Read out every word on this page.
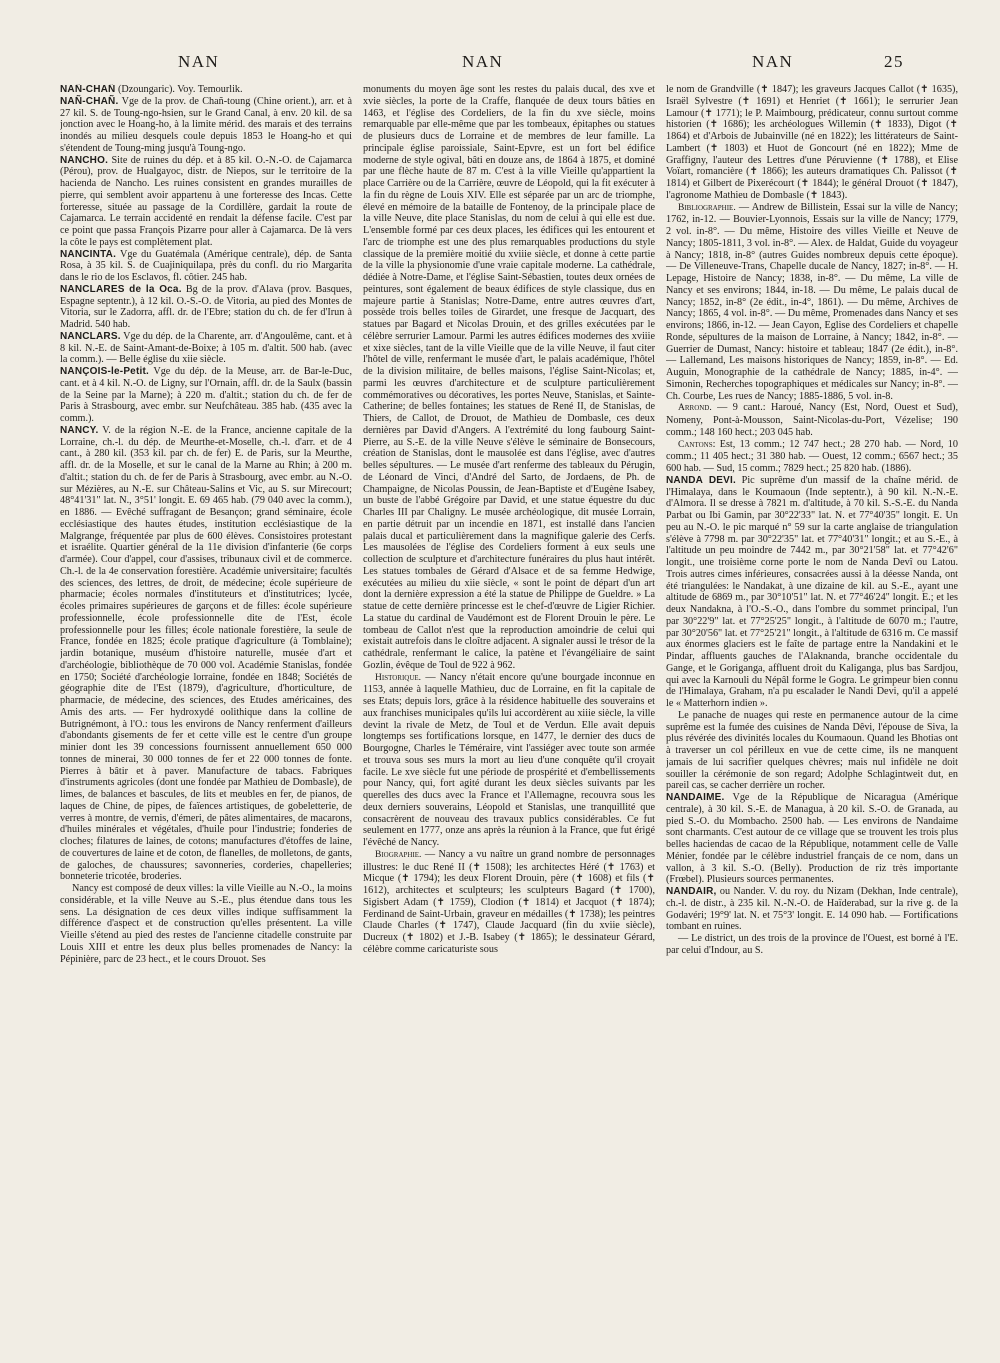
NAN	NAN	NAN	25

NAÑ-CHAÑ (Dzoungaric). Voy. Temourlik.

NAÑ-CHAÑ. Vge de la prov. de Chañ-toung (Chine orient.), arr. et à 27 kil. S. de Toung-ngo-hsien, sur le Grand Canal, à env. 20 kil. de sa jonction avec le Hoang-ho, à la limite mérid. des marais et des terrains inondés au milieu desquels coule depuis 1853 le Hoang-ho et qui s'étendent de Toung-ming jusqu'à Toung-ngo.

NANCHO. Site de ruines du dép. et à 85 kil. O.-N.-O. de Cajamarca (Pérou), prov. de Hualgayoc, distr. de Niepos, sur le territoire de la hacienda de Nancho. Les ruines consistent en grandes murailles de pierre, qui semblent avoir appartenu à une forteresse des Incas. Cette forteresse, située au passage de la Cordillère, gardait la route de Cajamarca. Le terrain accidenté en rendait la défense facile. C'est par ce point que passa François Pizarre pour aller à Cajamarca. De là vers la côte le pays est complètement plat.

NANCINTA. Vge du Guatémala (Amérique centrale), dép. de Santa Rosa, à 35 kil. S. de Cuajiniquilapa, près du confl. du rio Margarita dans le rio de los Esclavos, fl. côtier. 245 hab.

NANCLARES de la Oca. Bg de la prov. d'Alava (prov. Basques, Espagne septentr.), à 12 kil. O.-S.-O. de Vitoria, au pied des Montes de Vitoria, sur le Zadorra, affl. dr. de l'Ebre; station du ch. de fer d'Irun à Madrid. 540 hab.

NANCLARS. Vge du dép. de la Charente, arr. d'Angoulême, cant. et à 8 kil. N.-E. de Saint-Amant-de-Boixe; à 105 m. d'altit. 500 hab. (avec la comm.). — Belle église du xiie siècle.

NANÇOIS-le-Petit. Vge du dép. de la Meuse, arr. de Bar-le-Duc, cant. et à 4 kil. N.-O. de Ligny, sur l'Ornain, affl. dr. de la Saulx (bassin de la Seine par la Marne); à 220 m. d'altit.; station du ch. de fer de Paris à Strasbourg, avec embr. sur Neufchâteau. 385 hab. (435 avec la comm.).

NANCY. V. de la région N.-E. de la France, ancienne capitale de la Lorraine, ch.-l. du dép. de Meurthe-et-Moselle, ch.-l. d'arr. et de 4 cant., à 280 kil. (353 kil. par ch. de fer) E. de Paris, sur la Meurthe, affl. dr. de la Moselle, et sur le canal de la Marne au Rhin; à 200 m. d'altit.; station du ch. de fer de Paris à Strasbourg, avec embr. au N.-O. sur Mézières, au N.-E. sur Château-Salins et Vic, au S. sur Mirecourt; 48°41'31" lat. N., 3°51' longit. E. 69 465 hab. (79 040 avec la comm.), en 1886. — Evêché suffragant de Besançon; grand séminaire, école ecclésiastique des hautes études, institution ecclésiastique de la Malgrange, fréquentée par plus de 600 élèves. Consistoires protestant et israélite. Quartier général de la 11e division d'infanterie (6e corps d'armée). Cour d'appel, cour d'assises, tribunaux civil et de commerce. Ch.-l. de la 4e conservation forestière. Académie universitaire; facultés des sciences, des lettres, de droit, de médecine; école supérieure de pharmacie; écoles normales d'instituteurs et d'institutrices; lycée, écoles primaires supérieures de garçons et de filles: école supérieure professionnelle, école professionnelle dite de l'Est, école professionnelle pour les filles; école nationale forestière, la seule de France, fondée en 1825; école pratique d'agriculture (à Tomblaine); jardin botanique, muséum d'histoire naturelle, musée d'art et d'archéologie, bibliothèque de 70 000 vol. Académie Stanislas, fondée en 1750; Société d'archéologie lorraine, fondée en 1848; Sociétés de géographie dite de l'Est (1879), d'agriculture, d'horticulture, de pharmacie, de médecine, des sciences, des Etudes américaines, des Amis des arts. — Fer hydroxydé oolithique dans la colline de Butrignémont, à l'O.: tous les environs de Nancy renferment d'ailleurs d'abondants gisements de fer et cette ville est le centre d'un groupe minier dont les 39 concessions fournissent annuellement 650 000 tonnes de minerai, 30 000 tonnes de fer et 22 000 tonnes de fonte. Pierres à bâtir et à paver. Manufacture de tabacs. Fabriques d'instruments agricoles (dont une fondée par Mathieu de Dombasle), de limes, de balances et bascules, de lits et meubles en fer, de pianos, de laques de Chine, de pipes, de faïences artistiques, de gobeletterie, de verres à montre, de vernis, d'émeri, de pâtes alimentaires, de macarons, d'huiles minérales et végétales, d'huile pour l'industrie; fonderies de cloches; filatures de laines, de cotons; manufactures d'étoffes de laine, de couvertures de laine et de coton, de flanelles, de molletons, de gants, de galoches, de chaussures; savonneries, corderies, chapelleries; bonneterie tricotée, broderies.

Nancy est composé de deux villes: la ville Vieille au N.-O., la moins considérable, et la ville Neuve au S.-E., plus étendue dans tous les sens. La désignation de ces deux villes indique suffisamment la différence d'aspect et de construction qu'elles présentent. La ville Vieille s'étend au pied des restes de l'ancienne citadelle construite par Louis XIII et entre les deux plus belles promenades de Nancy: la Pépinière, parc de 23 hect., et le cours Drouot. Ses

monuments du moyen âge sont les restes du palais ducal, des xve et xvie siècles, la porte de la Craffe, flanquée de deux tours bâties en 1463, et l'église des Cordeliers, de la fin du xve siècle, moins remarquable par elle-même que par les tombeaux, épitaphes ou statues de plusieurs ducs de Lorraine et de membres de leur famille. La principale église paroissiale, Saint-Epvre, est un fort bel édifice moderne de style ogival, bâti en douze ans, de 1864 à 1875, et dominé par une flèche haute de 87 m. C'est à la ville Vieille qu'appartient la place Carrière ou de la Carrière, œuvre de Léopold, qui la fit exécuter à la fin du règne de Louis XIV. Elle est séparée par un arc de triomphe, élevé en mémoire de la bataille de Fontenoy, de la principale place de la ville Neuve, dite place Stanislas, du nom de celui à qui elle est due. L'ensemble formé par ces deux places, les édifices qui les entourent et l'arc de triomphe est une des plus remarquables productions du style classique de la première moitié du xviiie siècle, et donne à cette partie de la ville la physionomie d'une vraie capitale moderne. La cathédrale, dédiée à Notre-Dame, et l'église Saint-Sébastien, toutes deux ornées de peintures, sont également de beaux édifices de style classique, dus en majeure partie à Stanislas; Notre-Dame, entre autres œuvres d'art, possède trois belles toiles de Girardet, une fresque de Jacquart, des statues par Bagard et Nicolas Drouin, et des grilles exécutées par le célèbre serrurier Lamour. Parmi les autres édifices modernes des xviiie et xixe siècles, tant de la ville Vieille que de la ville Neuve, il faut citer l'hôtel de ville, renfermant le musée d'art, le palais académique, l'hôtel de la division militaire, de belles maisons, l'église Saint-Nicolas; et, parmi les œuvres d'architecture et de sculpture particulièrement commémoratives ou décoratives, les portes Neuve, Stanislas, et Sainte-Catherine; de belles fontaines; les statues de René II, de Stanislas, de Thiers, de Callot, de Drouot, de Mathieu de Dombasle, ces deux dernières par David d'Angers. A l'extrémité du long faubourg Saint-Pierre, au S.-E. de la ville Neuve s'élève le séminaire de Bonsecours, création de Stanislas, dont le mausolée est dans l'église, avec d'autres belles sépultures. — Le musée d'art renferme des tableaux du Pérugin, de Léonard de Vinci, d'André del Sarto, de Jordaens, de Ph. de Champaigne, de Nicolas Poussin, de Jean-Baptiste et d'Eugène Isabey, un buste de l'abbé Grégoire par David, et une statue équestre du duc Charles III par Chaligny. Le musée archéologique, dit musée Lorrain, en partie détruit par un incendie en 1871, est installé dans l'ancien palais ducal et particulièrement dans la magnifique galerie des Cerfs. Les mausolées de l'église des Cordeliers forment à eux seuls une collection de sculpture et d'architecture funéraires du plus haut intérêt. Les statues tombales de Gérard d'Alsace et de sa femme Hedwige, exécutées au milieu du xiie siècle, « sont le point de départ d'un art dont la dernière expression a été la statue de Philippe de Gueldre. » La statue de cette dernière princesse est le chef-d'œuvre de Ligier Richier. La statue du cardinal de Vaudémont est de Florent Drouin le père. Le tombeau de Callot n'est que la reproduction amoindrie de celui qui existait autrefois dans le cloître adjacent. A signaler aussi le trésor de la cathédrale, renfermant le calice, la patène et l'évangéliaire de saint Gozlin, évêque de Toul de 922 à 962.

Historique. — Nancy n'était encore qu'une bourgade inconnue en 1153, année à laquelle Mathieu, duc de Lorraine, en fit la capitale de ses Etats; depuis lors, grâce à la résidence habituelle des souverains et aux franchises municipales qu'ils lui accordèrent au xiiie siècle, la ville devint la rivale de Metz, de Toul et de Verdun. Elle avait depuis longtemps ses fortifications lorsque, en 1477, le dernier des ducs de Bourgogne, Charles le Téméraire, vint l'assiéger avec toute son armée et trouva sous ses murs la mort au lieu d'une conquête qu'il croyait facile. Le xve siècle fut une période de prospérité et d'embellissements pour Nancy, qui, fort agité durant les deux siècles suivants par les querelles des ducs avec la France et l'Allemagne, recouvra sous les deux derniers souverains, Léopold et Stanislas, une tranquillité que consacrèrent de nouveau des travaux publics considérables. Ce fut seulement en 1777, onze ans après la réunion à la France, que fut érigé l'évêché de Nancy.

Biographie. — Nancy a vu naître un grand nombre de personnages illustres: le duc René II (✝ 1508); les architectes Héré (✝ 1763) et Micque (✝ 1794); les deux Florent Drouin, père (✝ 1608) et fils (✝ 1612), architectes et sculpteurs; les sculpteurs Bagard (✝ 1700), Sigisbert Adam (✝ 1759), Clodion (✝ 1814) et Jacquot (✝ 1874); Ferdinand de Saint-Urbain, graveur en médailles (✝ 1738); les peintres Claude Charles (✝ 1747), Claude Jacquard (fin du xviie siècle), Ducreux (✝ 1802) et J.-B. Isabey (✝ 1865); le dessinateur Gérard, célèbre comme caricaturiste sous

le nom de Grandville (✝ 1847); les graveurs Jacques Callot (✝ 1635), Israël Sylvestre (✝ 1691) et Henriet (✝ 1661); le serrurier Jean Lamour (✝ 1771); le P. Maimbourg, prédicateur, connu surtout comme historien (✝ 1686); les archéologues Willemin (✝ 1833), Digot (✝ 1864) et d'Arbois de Jubainville (né en 1822); les littérateurs de Saint-Lambert (✝ 1803) et Huot de Goncourt (né en 1822); Mme de Graffigny, l'auteur des Lettres d'une Péruvienne (✝ 1788), et Elise Voïart, romancière (✝ 1866); les auteurs dramatiques Ch. Palissot (✝ 1814) et Gilbert de Pixerécourt (✝ 1844); le général Drouot (✝ 1847), l'agronome Mathieu de Dombasle (✝ 1843).

Bibliographie. — Andrew de Billistein, Essai sur la ville de Nancy; 1762, in-12. — Bouvier-Lyonnois, Essais sur la ville de Nancy; 1779, 2 vol. in-8°. — Du même, Histoire des villes Vieille et Neuve de Nancy; 1805-1811, 3 vol. in-8°. — Alex. de Haldat, Guide du voyageur à Nancy; 1818, in-8° (autres Guides nombreux depuis cette époque). — De Villeneuve-Trans, Chapelle ducale de Nancy, 1827; in-8°. — H. Lepage, Histoire de Nancy; 1838, in-8°. — Du même, La ville de Nancy et ses environs; 1844, in-18. — Du même, Le palais ducal de Nancy; 1852, in-8° (2e édit., in-4°, 1861). — Du même, Archives de Nancy; 1865, 4 vol. in-8°. — Du même, Promenades dans Nancy et ses environs; 1866, in-12. — Jean Cayon, Eglise des Cordeliers et chapelle Ronde, sépultures de la maison de Lorraine, à Nancy; 1842, in-8°. — Guerrier de Dumast, Nancy: histoire et tableau; 1847 (2e édit.), in-8°. — Lallemand, Les maisons historiques de Nancy; 1859, in-8°. — Ed. Auguin, Monographie de la cathédrale de Nancy; 1885, in-4°. — Simonin, Recherches topographiques et médicales sur Nancy; in-8°. — Ch. Courbe, Les rues de Nancy; 1885-1886, 5 vol. in-8.

Arrond. — 9 cant.: Haroué, Nancy (Est, Nord, Ouest et Sud), Nomeny, Pont-à-Mousson, Saint-Nicolas-du-Port, Vézelise; 190 comm.; 148 160 hect.; 203 045 hab.

Cantons: Est, 13 comm.; 12 747 hect.; 28 270 hab. — Nord, 10 comm.; 11 405 hect.; 31 380 hab. — Ouest, 12 comm.; 6567 hect.; 35 600 hab. — Sud, 15 comm.; 7829 hect.; 25 820 hab. (1886).

NANDA DEVI. Pic suprême d'un massif de la chaîne mérid. de l'Himalaya, dans le Koumaoun (Inde septentr.), à 90 kil. N.-N.-E. d'Almora. Il se dresse à 7821 m. d'altitude, à 70 kil. S.-S.-E. du Nanda Parbat ou Ibi Gamin, par 30°22'33" lat. N. et 77°40'35" longit. E. Un peu au N.-O. le pic marqué n° 59 sur la carte anglaise de triangulation s'élève à 7798 m. par 30°22'35" lat. et 77°40'31" longit.; et au S.-E., à l'altitude un peu moindre de 7442 m., par 30°21'58" lat. et 77°42'6" longit., une troisième corne porte le nom de Nanda Devî ou Latou. Trois autres cimes inférieures, consacrées aussi à la déesse Nanda, ont été triangulées: le Nandakat, à une dizaine de kil. au S.-E., ayant une altitude de 6869 m., par 30°10'51" lat. N. et 77°46'24" longit. E.; et les deux Nandakna, à l'O.-S.-O., dans l'ombre du sommet principal, l'un par 30°22'9" lat. et 77°25'25" longit., à l'altitude de 6070 m.; l'autre, par 30°20'56" lat. et 77°25'21" longit., à l'altitude de 6316 m. Ce massif aux énormes glaciers est le faîte de partage entre la Nandakini et le Pindar, affluents gauches de l'Alaknanda, branche occidentale du Gange, et le Goriganga, affluent droit du Kaliganga, plus bas Sardjou, qui avec la Karnouli du Népâl forme le Gogra. Le grimpeur bien connu de l'Himalaya, Graham, n'a pu escalader le Nandi Devi, qu'il a appelé le « Matterhorn indien ».

Le panache de nuages qui reste en permanence autour de la cime suprême est la fumée des cuisines de Nanda Dêvi, l'épouse de Siva, la plus révérée des divinités locales du Koumaoun. Quand les Bhotias ont à traverser un col périlleux en vue de cette cime, ils ne manquent jamais de lui sacrifier quelques chèvres; mais nul infidèle ne doit souiller la cérémonie de son regard; Adolphe Schlagintweit dut, en pareil cas, se cacher derrière un rocher.

NANDAIME. Vge de la République de Nicaragua (Amérique centrale), à 30 kil. S.-E. de Managua, à 20 kil. S.-O. de Granada, au pied S.-O. du Mombacho. 2500 hab. — Les environs de Nandaime sont charmants. C'est autour de ce village que se trouvent les trois plus belles haciendas de cacao de la République, notamment celle de Valle Ménier, fondée par le célèbre industriel français de ce nom, dans un vallon, à 3 kil. S.-O. (Belly). Production de riz très importante (Frœbel). Plusieurs sources permanentes.

NANDAIR, ou Nander. V. du roy. du Nizam (Dekhan, Inde centrale), ch.-l. de distr., à 235 kil. N.-N.-O. de Haïderabad, sur la rive g. de la Godavéri; 19°9' lat. N. et 75°3' longit. E. 14 090 hab. — Fortifications tombant en ruines.

— Le district, un des trois de la province de l'Ouest, est borné à l'E. par celui d'Indour, au S.
